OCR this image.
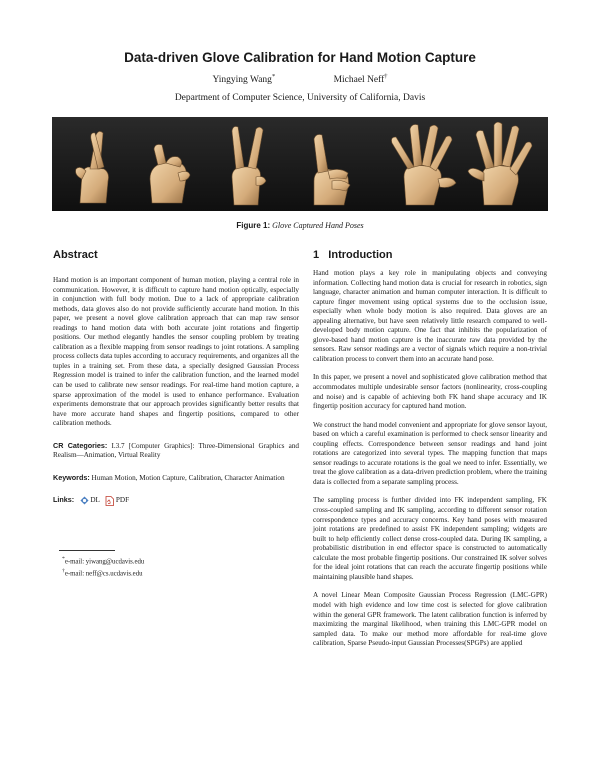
Data-driven Glove Calibration for Hand Motion Capture
Yingying Wang*	Michael Neff†
Department of Computer Science, University of California, Davis
Figure 1: Glove Captured Hand Poses
Abstract

Hand motion is an important component of human motion, playing a central role in communication. However, it is difficult to capture hand motion optically, especially in conjunction with full body motion. Due to a lack of appropriate calibration methods, data gloves also do not provide sufficiently accurate hand motion. In this paper, we present a novel glove calibration approach that can map raw sensor readings to hand motion data with both accurate joint rotations and fingertip positions. Our method elegantly handles the sensor coupling problem by treating calibration as a flexible mapping from sensor readings to joint rotations. A sampling process collects data tuples according to accuracy requirements, and organizes all the tuples in a training set. From these data, a specially designed Gaussian Process Regression model is trained to infer the calibration function, and the learned model can be used to calibrate new sensor readings. For real-time hand motion capture, a sparse approximation of the model is used to enhance performance. Evaluation experiments demonstrate that our approach provides significantly better results that have more accurate hand shapes and fingertip positions, compared to other calibration methods.

CR Categories: I.3.7 [Computer Graphics]: Three-Dimensional Graphics and Realism—Animation, Virtual Reality

Keywords: Human Motion, Motion Capture, Calibration, Character Animation

Links: DL PDF

*e-mail: yiwang@ucdavis.edu
†e-mail: neff@cs.ucdavis.edu
1 Introduction

Hand motion plays a key role in manipulating objects and conveying information. Collecting hand motion data is crucial for research in robotics, sign language, character animation and human computer interaction. It is difficult to capture finger movement using optical systems due to the occlusion issue, especially when whole body motion is also required. Data gloves are an appealing alternative, but have seen relatively little research compared to well-developed body motion capture. One fact that inhibits the popularization of glove-based hand motion capture is the inaccurate raw data provided by the sensors. Raw sensor readings are a vector of signals which require a non-trivial calibration process to convert them into an accurate hand pose.

In this paper, we present a novel and sophisticated glove calibration method that accommodates multiple undesirable sensor factors (nonlinearity, cross-coupling and noise) and is capable of achieving both FK hand shape accuracy and IK fingertip position accuracy for captured hand motion.

We construct the hand model convenient and appropriate for glove sensor layout, based on which a careful examination is performed to check sensor linearity and coupling effects. Correspondence between sensor readings and hand joint rotations are categorized into several types. The mapping function that maps sensor readings to accurate rotations is the goal we need to infer. Essentially, we treat the glove calibration as a data-driven prediction problem, where the training data is collected from a separate sampling process.

The sampling process is further divided into FK independent sampling, FK cross-coupled sampling and IK sampling, according to different sensor rotation correspondence types and accuracy concerns. Key hand poses with measured joint rotations are predefined to assist FK independent sampling; widgets are built to help efficiently collect dense cross-coupled data. During IK sampling, a probabilistic distribution in end effector space is constructed to automatically calculate the most probable fingertip positions. Our constrained IK solver solves for the ideal joint rotations that can reach the accurate fingertip positions while maintaining plausible hand shapes.

A novel Linear Mean Composite Gaussian Process Regression (LMC-GPR) model with high evidence and low time cost is selected for glove calibration within the general GPR framework. The latent calibration function is inferred by maximizing the marginal likelihood, when training this LMC-GPR model on sampled data. To make our method more affordable for real-time glove calibration, Sparse Pseudo-input Gaussian Processes(SPGPs) are applied
